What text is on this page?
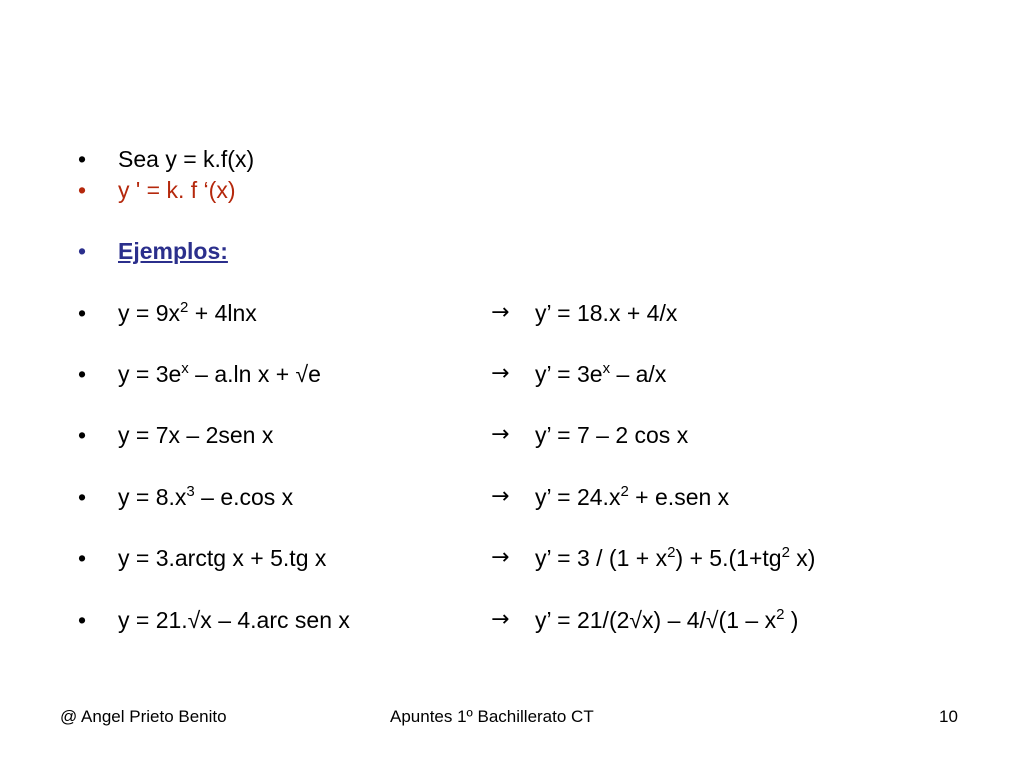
• Sea y = k.f(x)
• y ' = k. f ‘(x)
• Ejemplos:
• $y = 9x^2 + 4\ln x$	→ y’ = 18.x + 4/x
• $y = 3e^x - a.\ln$ x + √e	→ y’ = $3e^x - a/x$
• y = 7x – 2sen x	→ y’ = 7 – 2 cos x
• $y = 8.x^3 - e.\cos$ x	→ y’ = $24.x^2 + e.sen$ x
• y = 3.arctg x + 5.tg x	→ y’ = $3 / (1 + x^2) + 5.(1+tg^2$ x)
• y = 21.√x – 4.arc sen x	→ y’ = $21/(2√x) - 4/√(1 - x^2$ )
@ Angel Prieto Benito	Apuntes 1º Bachillerato CT	10
